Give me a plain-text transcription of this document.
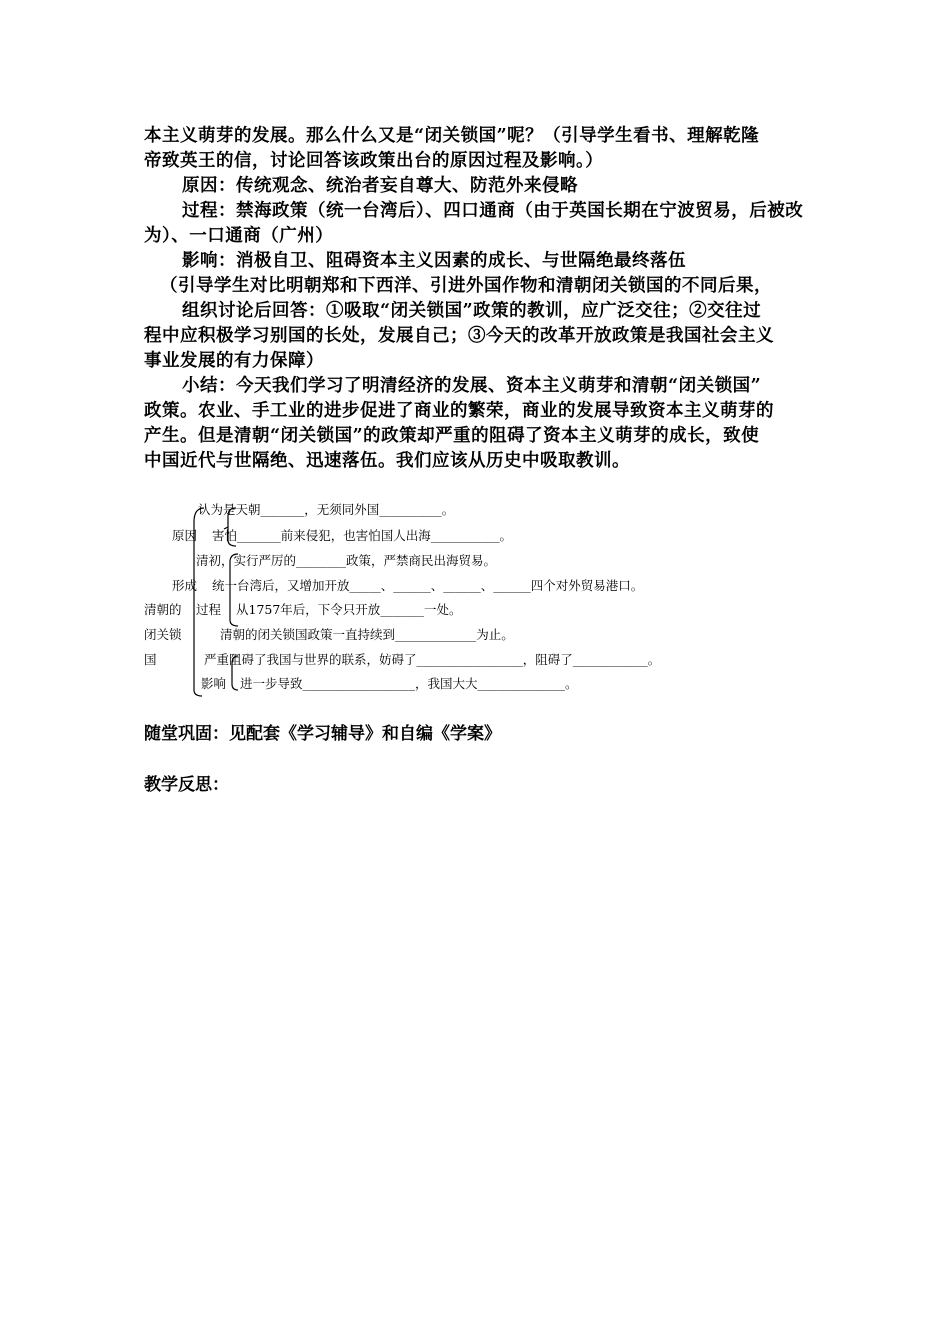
本主义萌芽的发展。那么什么又是“闭关锁国”呢？（引导学生看书、理解乾隆

帝致英王的信，讨论回答该政策出台的原因过程及影响。）

原因：传统观念、统治者妄自尊大、防范外来侵略

过程：禁海政策（统一台湾后）、四口通商（由于英国长期在宁波贸易，后被改

为）、一口通商（广州）

影响：消极自卫、阻碍资本主义因素的成长、与世隔绝最终落伍

（引导学生对比明朝郑和下西洋、引进外国作物和清朝闭关锁国的不同后果，

组织讨论后回答：①吸取“闭关锁国”政策的教训，应广泛交往；②交往过

程中应积极学习别国的长处，发展自己；③今天的改革开放政策是我国社会主义

事业发展的有力保障）

小结：今天我们学习了明清经济的发展、资本主义萌芽和清朝“闭关锁国”

政策。农业、手工业的进步促进了商业的繁荣，商业的发展导致资本主义萌芽的

产生。但是清朝“闭关锁国”的政策却严重的阻碍了资本主义萌芽的成长，致使

中国近代与世隔绝、迅速落伍。我们应该从历史中吸取教训。

清朝的
闭关锁
国
原因
形成
过程
影响
认为是天朝_______，无须同外国__________。
害怕_______前来侵犯，也害怕国人出海___________。
清初，实行严厉的________政策，严禁商民出海贸易。
统一台湾后，又增加开放_____、______、______、______四个对外贸易港口。
从1757年后，下令只开放_______一处。
清朝的闭关锁国政策一直持续到_____________为止。
严重阻碍了我国与世界的联系，妨碍了_________________，阻碍了____________。
进一步导致__________________，我国大大______________。
随堂巩固：见配套《学习辅导》和自编《学案》
教学反思：
